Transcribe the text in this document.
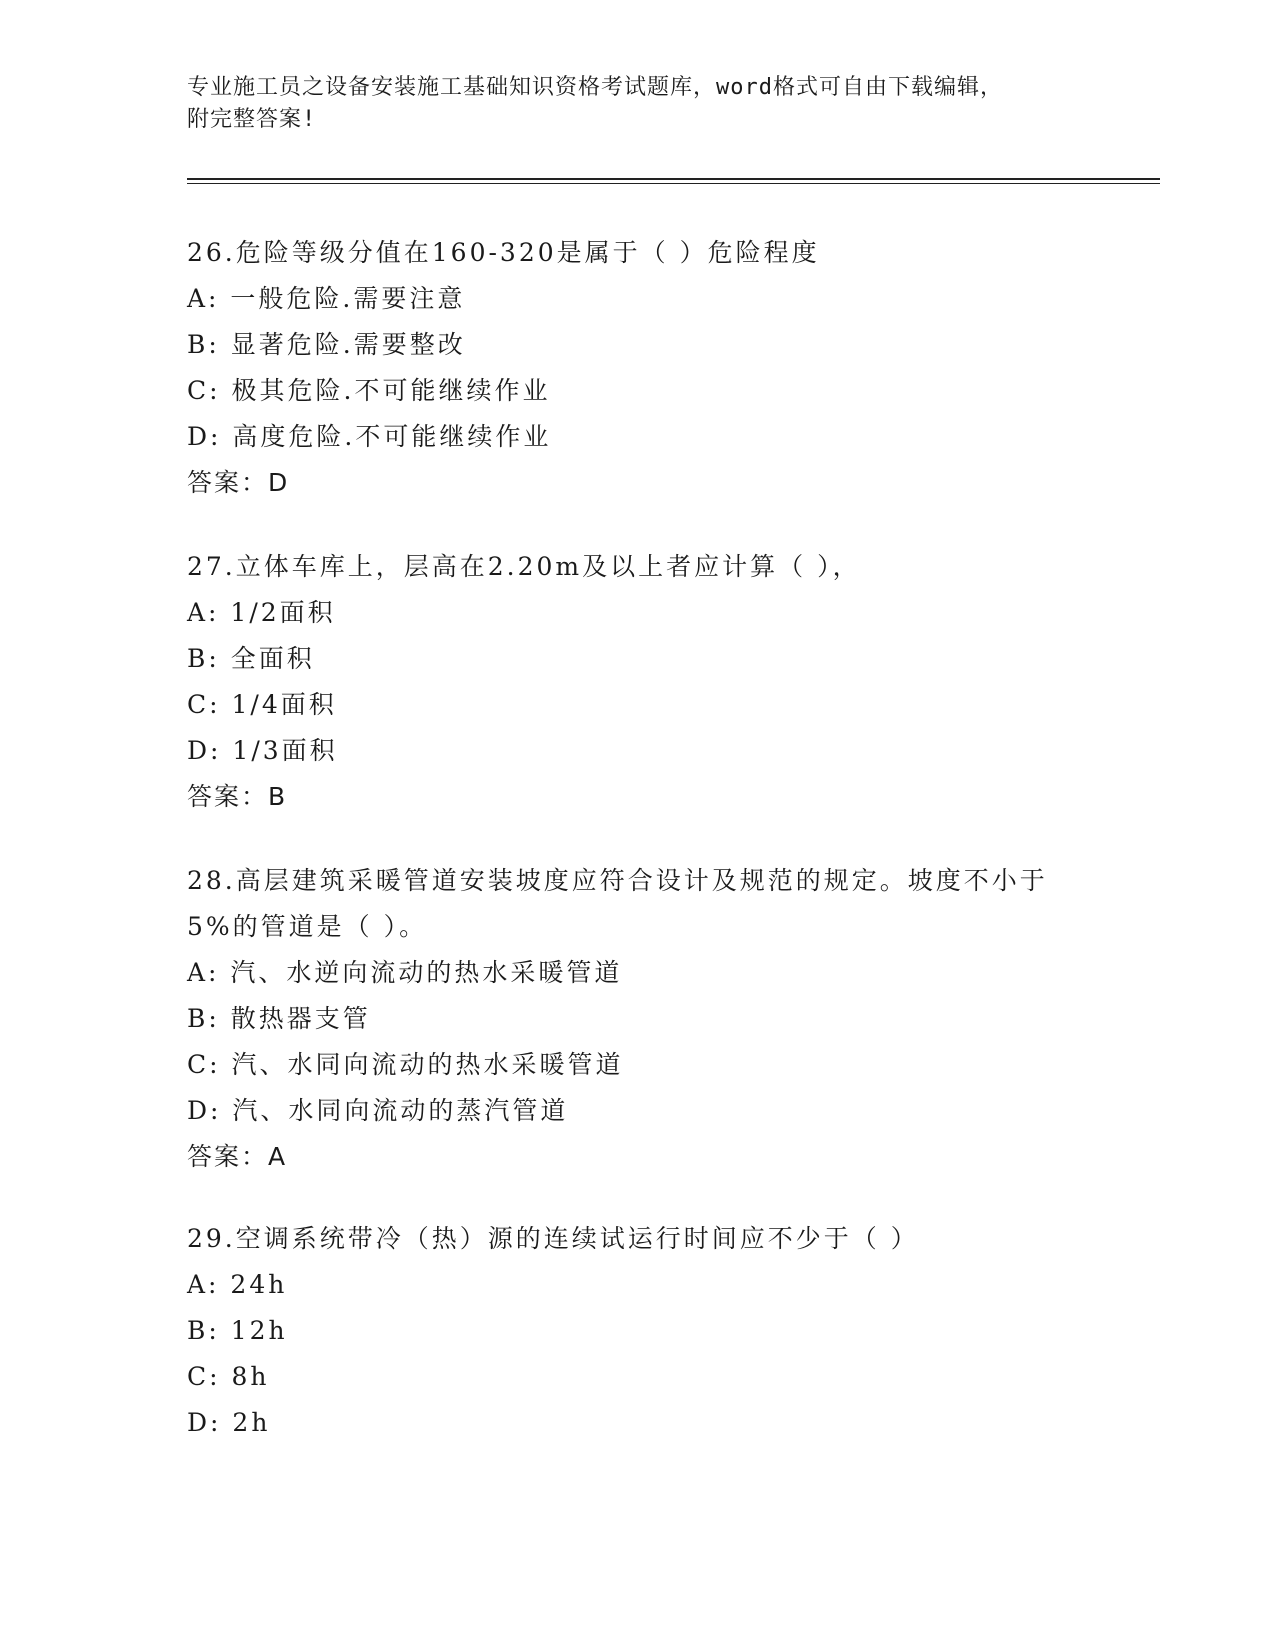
专业施工员之设备安装施工基础知识资格考试题库，word格式可自由下载编辑，
附完整答案!
26.危险等级分值在160-320是属于（ ）危险程度
A: 一般危险.需要注意
B: 显著危险.需要整改
C: 极其危险.不可能继续作业
D: 高度危险.不可能继续作业
答案：D
27.立体车库上，层高在2.20m及以上者应计算（ ），
A: 1/2面积
B: 全面积
C: 1/4面积
D: 1/3面积
答案：B
28.高层建筑采暖管道安装坡度应符合设计及规范的规定。坡度不小于
5%的管道是（ ）。
A: 汽、水逆向流动的热水采暖管道
B: 散热器支管
C: 汽、水同向流动的热水采暖管道
D: 汽、水同向流动的蒸汽管道
答案：A
29.空调系统带冷（热）源的连续试运行时间应不少于（ ）
A: 24h
B: 12h
C: 8h
D: 2h
